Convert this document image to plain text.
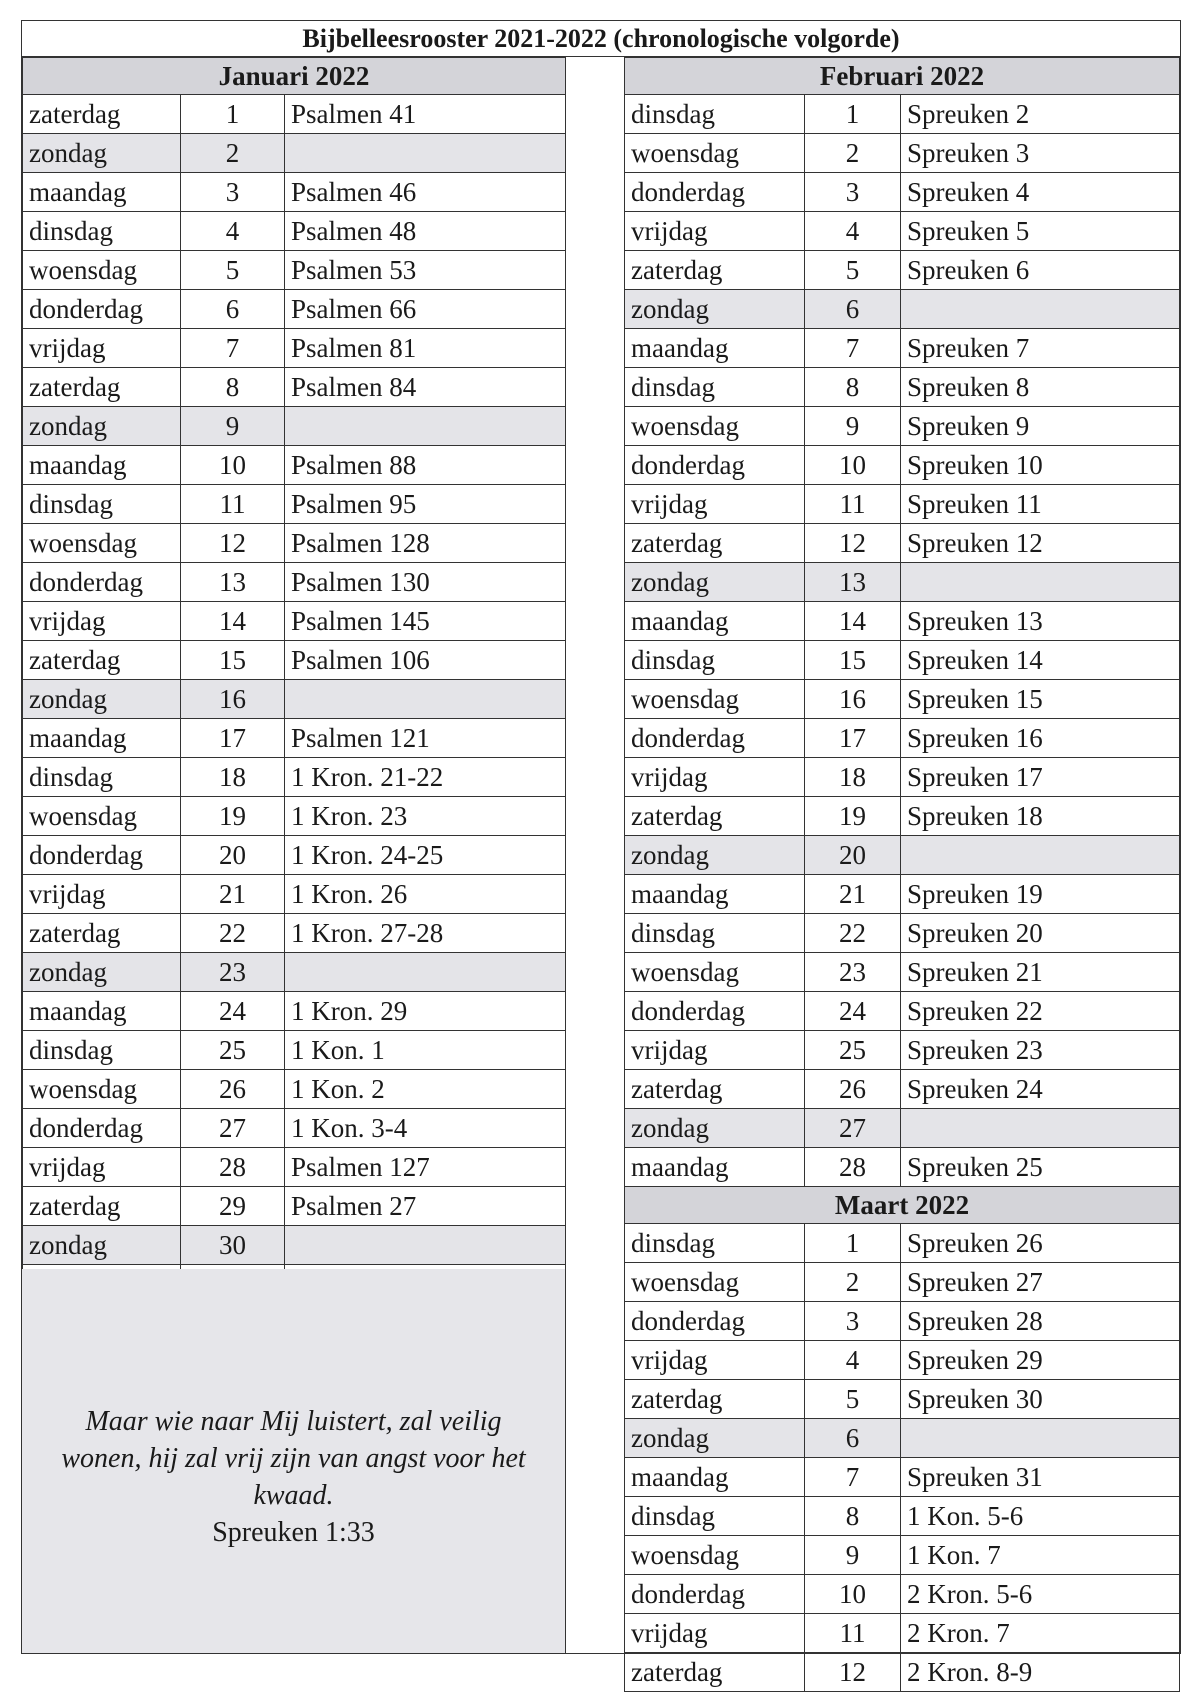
Bijbelleesrooster 2021-2022 (chronologische volgorde)
Januari 2022		
zaterdag	1	Psalmen 41
zondag	2	
maandag	3	Psalmen 46
dinsdag	4	Psalmen 48
woensdag	5	Psalmen 53
donderdag	6	Psalmen 66
vrijdag	7	Psalmen 81
zaterdag	8	Psalmen 84
zondag	9	
maandag	10	Psalmen 88
dinsdag	11	Psalmen 95
woensdag	12	Psalmen 128
donderdag	13	Psalmen 130
vrijdag	14	Psalmen 145
zaterdag	15	Psalmen 106
zondag	16	
maandag	17	Psalmen 121
dinsdag	18	1 Kron. 21-22
woensdag	19	1 Kron. 23
donderdag	20	1 Kron. 24-25
vrijdag	21	1 Kron. 26
zaterdag	22	1 Kron. 27-28
zondag	23	
maandag	24	1 Kron. 29
dinsdag	25	1 Kon. 1
woensdag	26	1 Kon. 2
donderdag	27	1 Kon. 3-4
vrijdag	28	Psalmen 127
zaterdag	29	Psalmen 27
zondag	30	

Maar wie naar Mij luistert, zal veilig
wonen, hij zal vrij zijn van angst voor het
kwaad.
Spreuken 1:33
Februari 2022		
dinsdag	1	Spreuken 2
woensdag	2	Spreuken 3
donderdag	3	Spreuken 4
vrijdag	4	Spreuken 5
zaterdag	5	Spreuken 6
zondag	6	
maandag	7	Spreuken 7
dinsdag	8	Spreuken 8
woensdag	9	Spreuken 9
donderdag	10	Spreuken 10
vrijdag	11	Spreuken 11
zaterdag	12	Spreuken 12
zondag	13	
maandag	14	Spreuken 13
dinsdag	15	Spreuken 14
woensdag	16	Spreuken 15
donderdag	17	Spreuken 16
vrijdag	18	Spreuken 17
zaterdag	19	Spreuken 18
zondag	20	
maandag	21	Spreuken 19
dinsdag	22	Spreuken 20
woensdag	23	Spreuken 21
donderdag	24	Spreuken 22
vrijdag	25	Spreuken 23
zaterdag	26	Spreuken 24
zondag	27	
maandag	28	Spreuken 25
Maart 2022		
dinsdag	1	Spreuken 26
woensdag	2	Spreuken 27
donderdag	3	Spreuken 28
vrijdag	4	Spreuken 29
zaterdag	5	Spreuken 30
zondag	6	
maandag	7	Spreuken 31
dinsdag	8	1 Kon. 5-6
woensdag	9	1 Kon. 7
donderdag	10	2 Kron. 5-6
vrijdag	11	2 Kron. 7
zaterdag	12	2 Kron. 8-9
